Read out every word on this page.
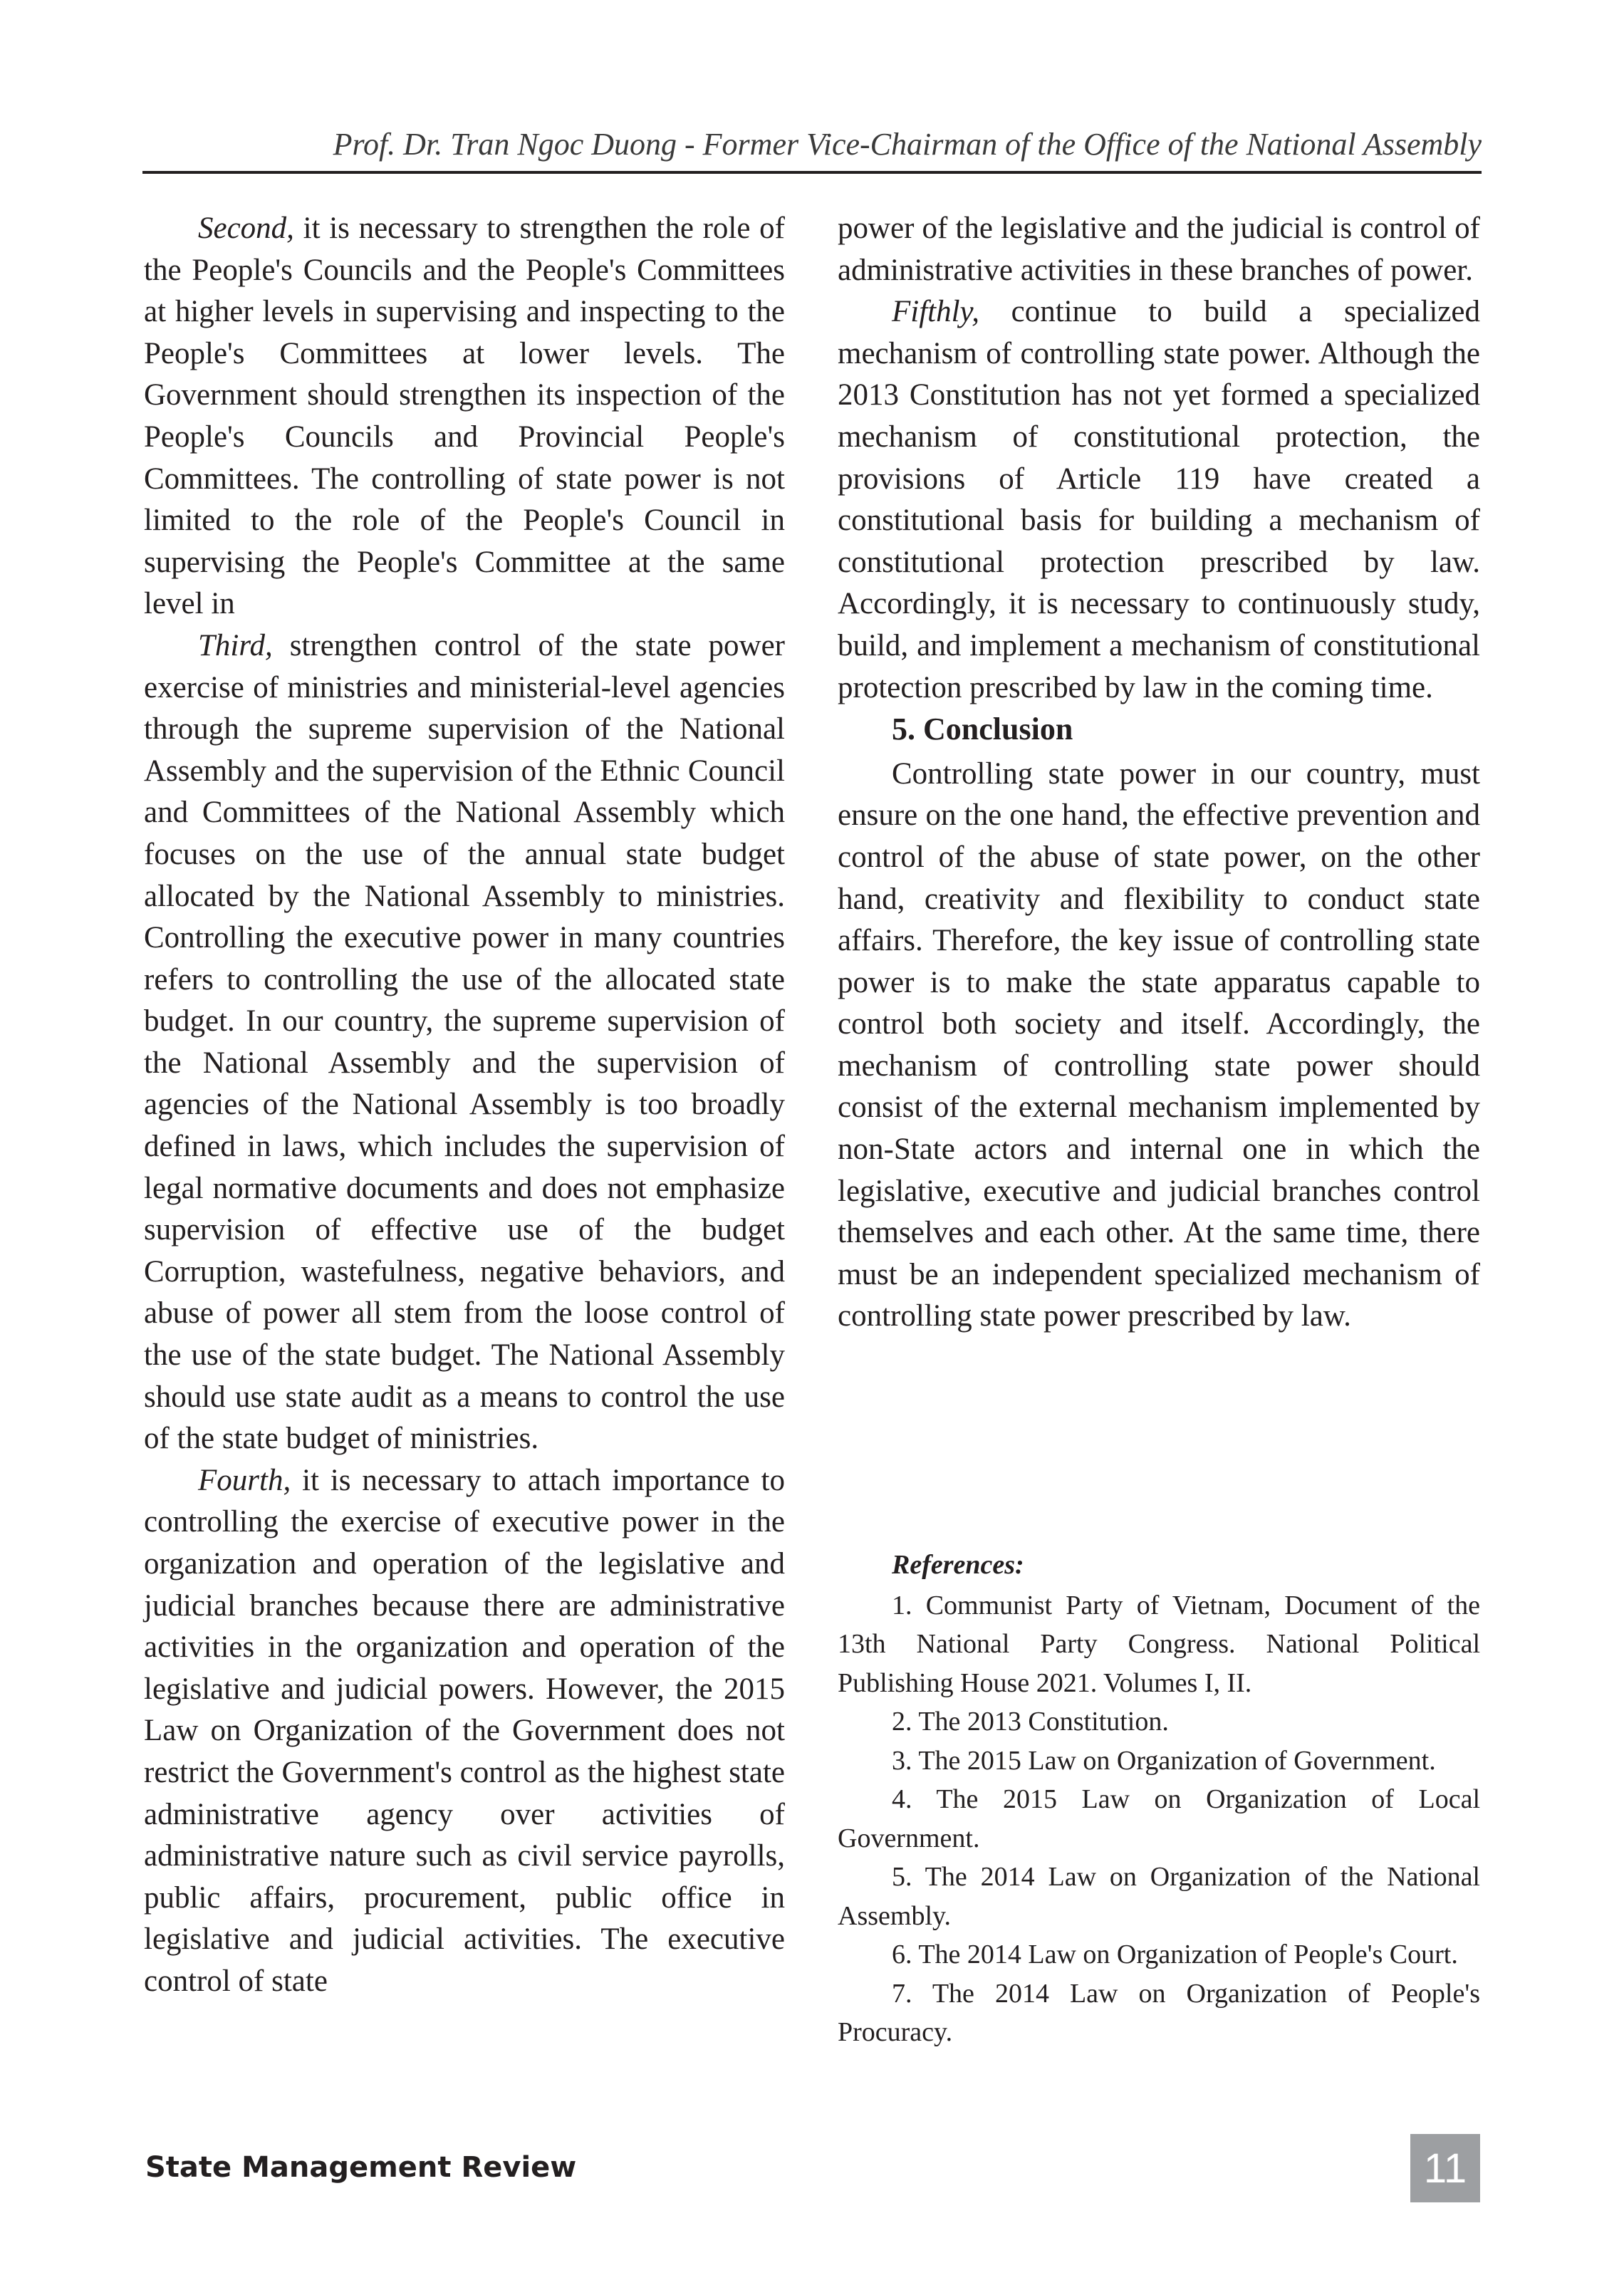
Prof. Dr. Tran Ngoc Duong - Former Vice-Chairman of the Office of the National Assembly

Second, it is necessary to strengthen the role of the People's Councils and the People's Committees at higher levels in supervising and inspecting to the People's Committees at lower levels. The Government should strengthen its inspection of the People's Councils and Provincial People's Committees. The controlling of state power is not limited to the role of the People's Council in supervising the People's Committee at the same level in

Third, strengthen control of the state power exercise of ministries and ministerial-level agencies through the supreme supervision of the National Assembly and the supervision of the Ethnic Council and Committees of the National Assembly which focuses on the use of the annual state budget allocated by the National Assembly to ministries. Controlling the executive power in many countries refers to controlling the use of the allocated state budget. In our country, the supreme supervision of the National Assembly and the supervision of agencies of the National Assembly is too broadly defined in laws, which includes the supervision of legal normative documents and does not emphasize supervision of effective use of the budget Corruption, wastefulness, negative behaviors, and abuse of power all stem from the loose control of the use of the state budget. The National Assembly should use state audit as a means to control the use of the state budget of ministries.

Fourth, it is necessary to attach importance to controlling the exercise of executive power in the organization and operation of the legislative and judicial branches because there are administrative activities in the organization and operation of the legislative and judicial powers. However, the 2015 Law on Organization of the Government does not restrict the Government's control as the highest state administrative agency over activities of administrative nature such as civil service payrolls, public affairs, procurement, public office in legislative and judicial activities. The executive control of state

power of the legislative and the judicial is control of administrative activities in these branches of power.

Fifthly, continue to build a specialized mechanism of controlling state power. Although the 2013 Constitution has not yet formed a specialized mechanism of constitutional protection, the provisions of Article 119 have created a constitutional basis for building a mechanism of constitutional protection prescribed by law. Accordingly, it is necessary to continuously study, build, and implement a mechanism of constitutional protection prescribed by law in the coming time.

5. Conclusion

Controlling state power in our country, must ensure on the one hand, the effective prevention and control of the abuse of state power, on the other hand, creativity and flexibility to conduct state affairs. Therefore, the key issue of controlling state power is to make the state apparatus capable to control both society and itself. Accordingly, the mechanism of controlling state power should consist of the external mechanism implemented by non-State actors and internal one in which the legislative, executive and judicial branches control themselves and each other. At the same time, there must be an independent specialized mechanism of controlling state power prescribed by law.

References:

1. Communist Party of Vietnam, Document of the 13th National Party Congress. National Political Publishing House 2021. Volumes I, II.

2. The 2013 Constitution.

3. The 2015 Law on Organization of Government.

4. The 2015 Law on Organization of Local Government.

5. The 2014 Law on Organization of the National Assembly.

6. The 2014 Law on Organization of People's Court.

7. The 2014 Law on Organization of People's Procuracy.

State Management Review	11
